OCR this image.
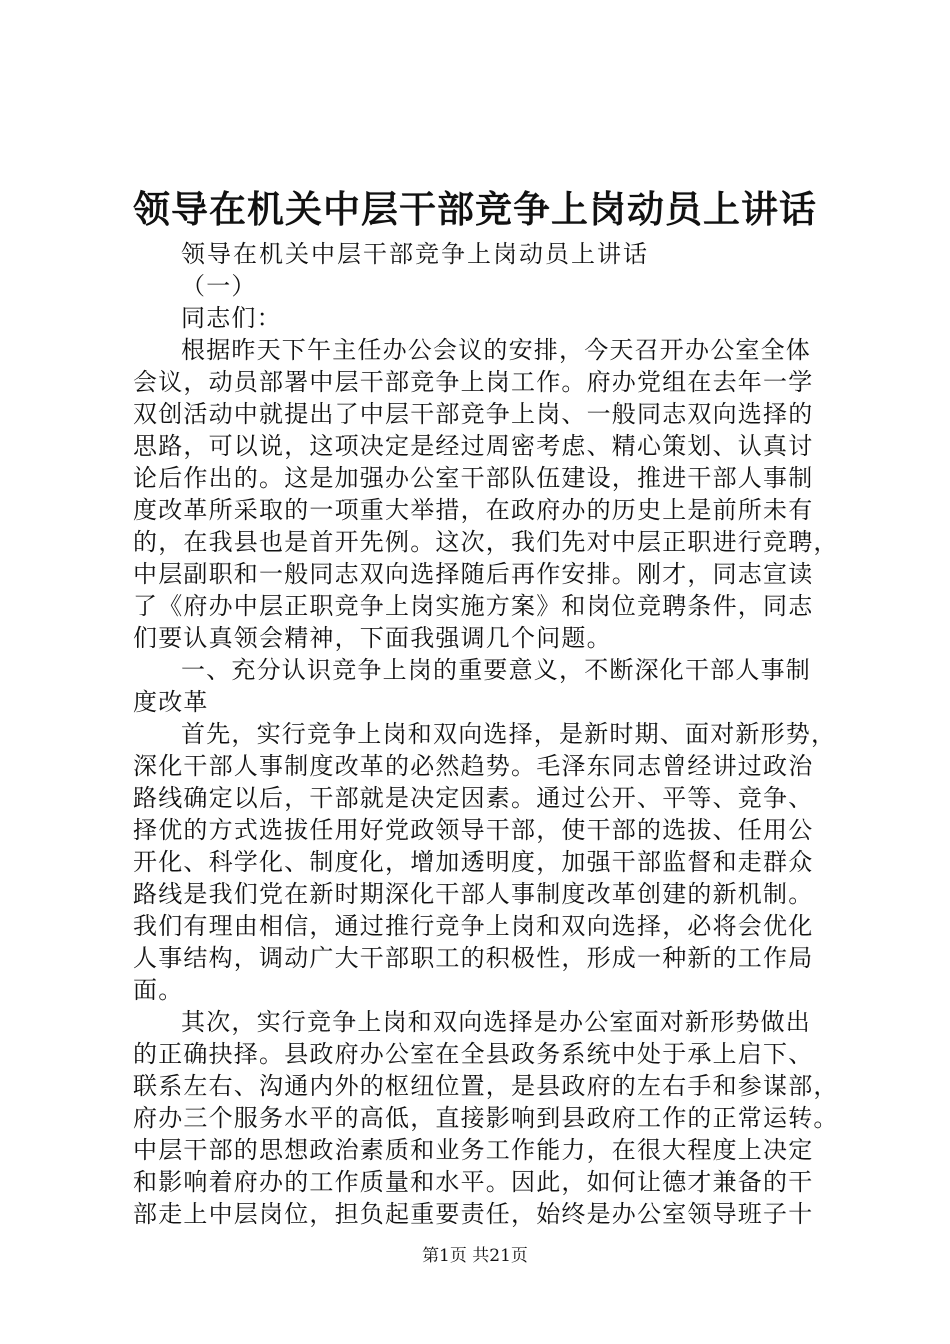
领导在机关中层干部竞争上岗动员上讲话
领导在机关中层干部竞争上岗动员上讲话
（一）
同志们：
根据昨天下午主任办公会议的安排，今天召开办公室全体
会议，动员部署中层干部竞争上岗工作。府办党组在去年一学
双创活动中就提出了中层干部竞争上岗、一般同志双向选择的
思路，可以说，这项决定是经过周密考虑、精心策划、认真讨
论后作出的。这是加强办公室干部队伍建设，推进干部人事制
度改革所采取的一项重大举措，在政府办的历史上是前所未有
的，在我县也是首开先例。这次，我们先对中层正职进行竞聘，
中层副职和一般同志双向选择随后再作安排。刚才，同志宣读
了《府办中层正职竞争上岗实施方案》和岗位竞聘条件，同志
们要认真领会精神，下面我强调几个问题。
一、充分认识竞争上岗的重要意义，不断深化干部人事制
度改革
首先，实行竞争上岗和双向选择，是新时期、面对新形势，
深化干部人事制度改革的必然趋势。毛泽东同志曾经讲过政治
路线确定以后，干部就是决定因素。通过公开、平等、竞争、
择优的方式选拔任用好党政领导干部，使干部的选拔、任用公
开化、科学化、制度化，增加透明度，加强干部监督和走群众
路线是我们党在新时期深化干部人事制度改革创建的新机制。
我们有理由相信，通过推行竞争上岗和双向选择，必将会优化
人事结构，调动广大干部职工的积极性，形成一种新的工作局
面。
其次，实行竞争上岗和双向选择是办公室面对新形势做出
的正确抉择。县政府办公室在全县政务系统中处于承上启下、
联系左右、沟通内外的枢纽位置，是县政府的左右手和参谋部，
府办三个服务水平的高低，直接影响到县政府工作的正常运转。
中层干部的思想政治素质和业务工作能力，在很大程度上决定
和影响着府办的工作质量和水平。因此，如何让德才兼备的干
部走上中层岗位，担负起重要责任，始终是办公室领导班子十
第1页 共21页
